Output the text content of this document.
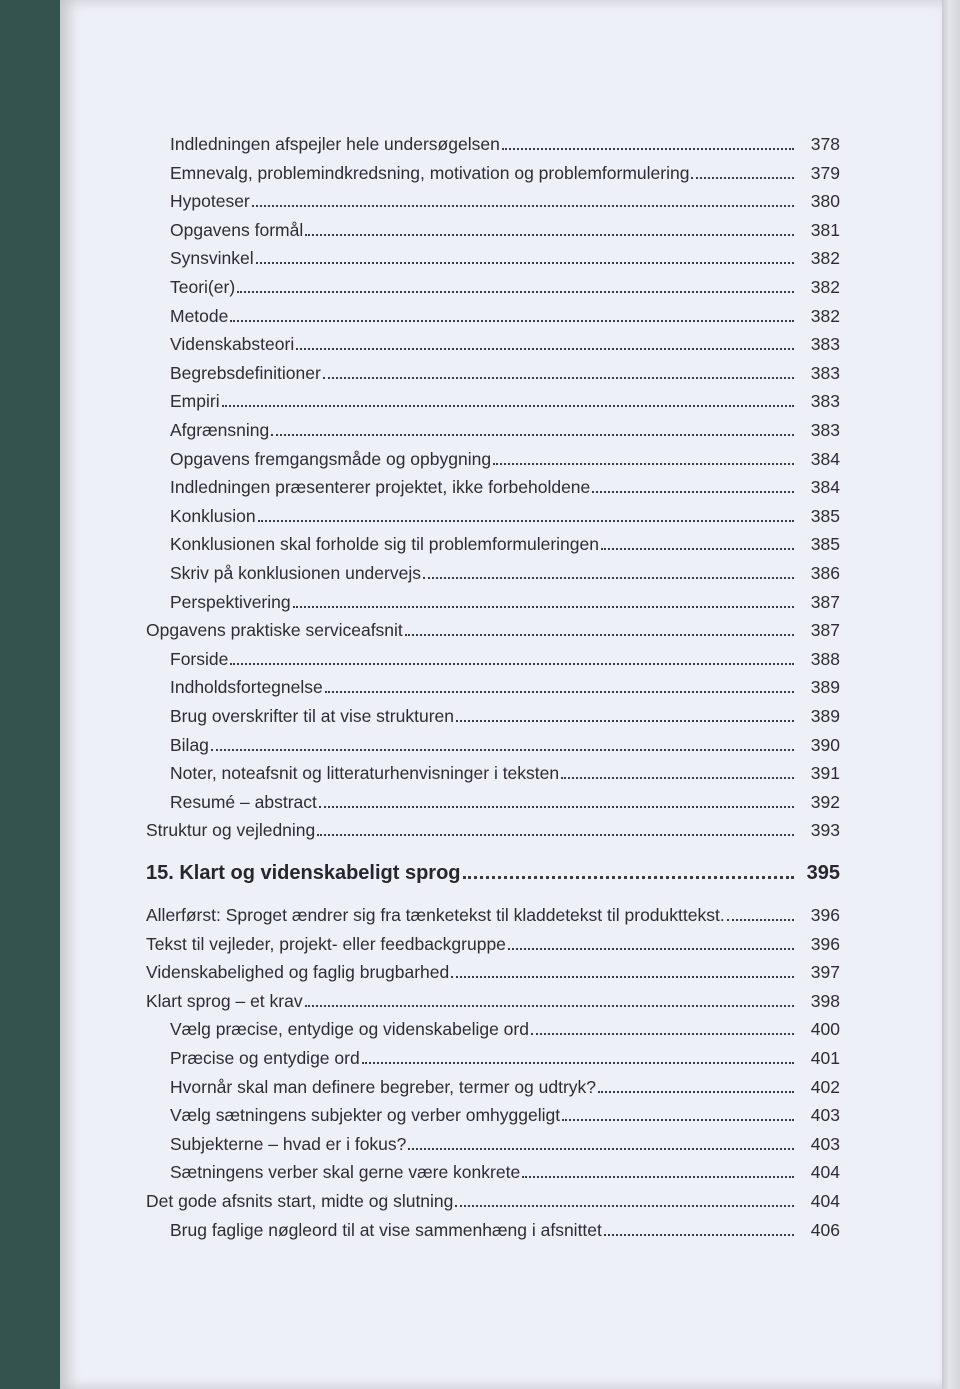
Indledningen afspejler hele undersøgelsen	378
Emnevalg, problemindkredsning, motivation og problemformulering	379
Hypoteser	380
Opgavens formål	381
Synsvinkel	382
Teori(er)	382
Metode	382
Videnskabsteori	383
Begrebsdefinitioner	383
Empiri	383
Afgrænsning	383
Opgavens fremgangsmåde og opbygning	384
Indledningen præsenterer projektet, ikke forbeholdene	384
Konklusion	385
Konklusionen skal forholde sig til problemformuleringen	385
Skriv på konklusionen undervejs	386
Perspektivering	387
Opgavens praktiske serviceafsnit	387
Forside	388
Indholdsfortegnelse	389
Brug overskrifter til at vise strukturen	389
Bilag	390
Noter, noteafsnit og litteraturhenvisninger i teksten	391
Resumé – abstract	392
Struktur og vejledning	393
15. Klart og videnskabeligt sprog	395
Allerførst: Sproget ændrer sig fra tænketekst til kladdetekst til produkttekst.	396
Tekst til vejleder, projekt- eller feedbackgruppe	396
Videnskabelighed og faglig brugbarhed	397
Klart sprog – et krav	398
Vælg præcise, entydige og videnskabelige ord	400
Præcise og entydige ord	401
Hvornår skal man definere begreber, termer og udtryk?	402
Vælg sætningens subjekter og verber omhyggeligt	403
Subjekterne – hvad er i fokus?	403
Sætningens verber skal gerne være konkrete	404
Det gode afsnits start, midte og slutning	404
Brug faglige nøgleord til at vise sammenhæng i afsnittet	406
